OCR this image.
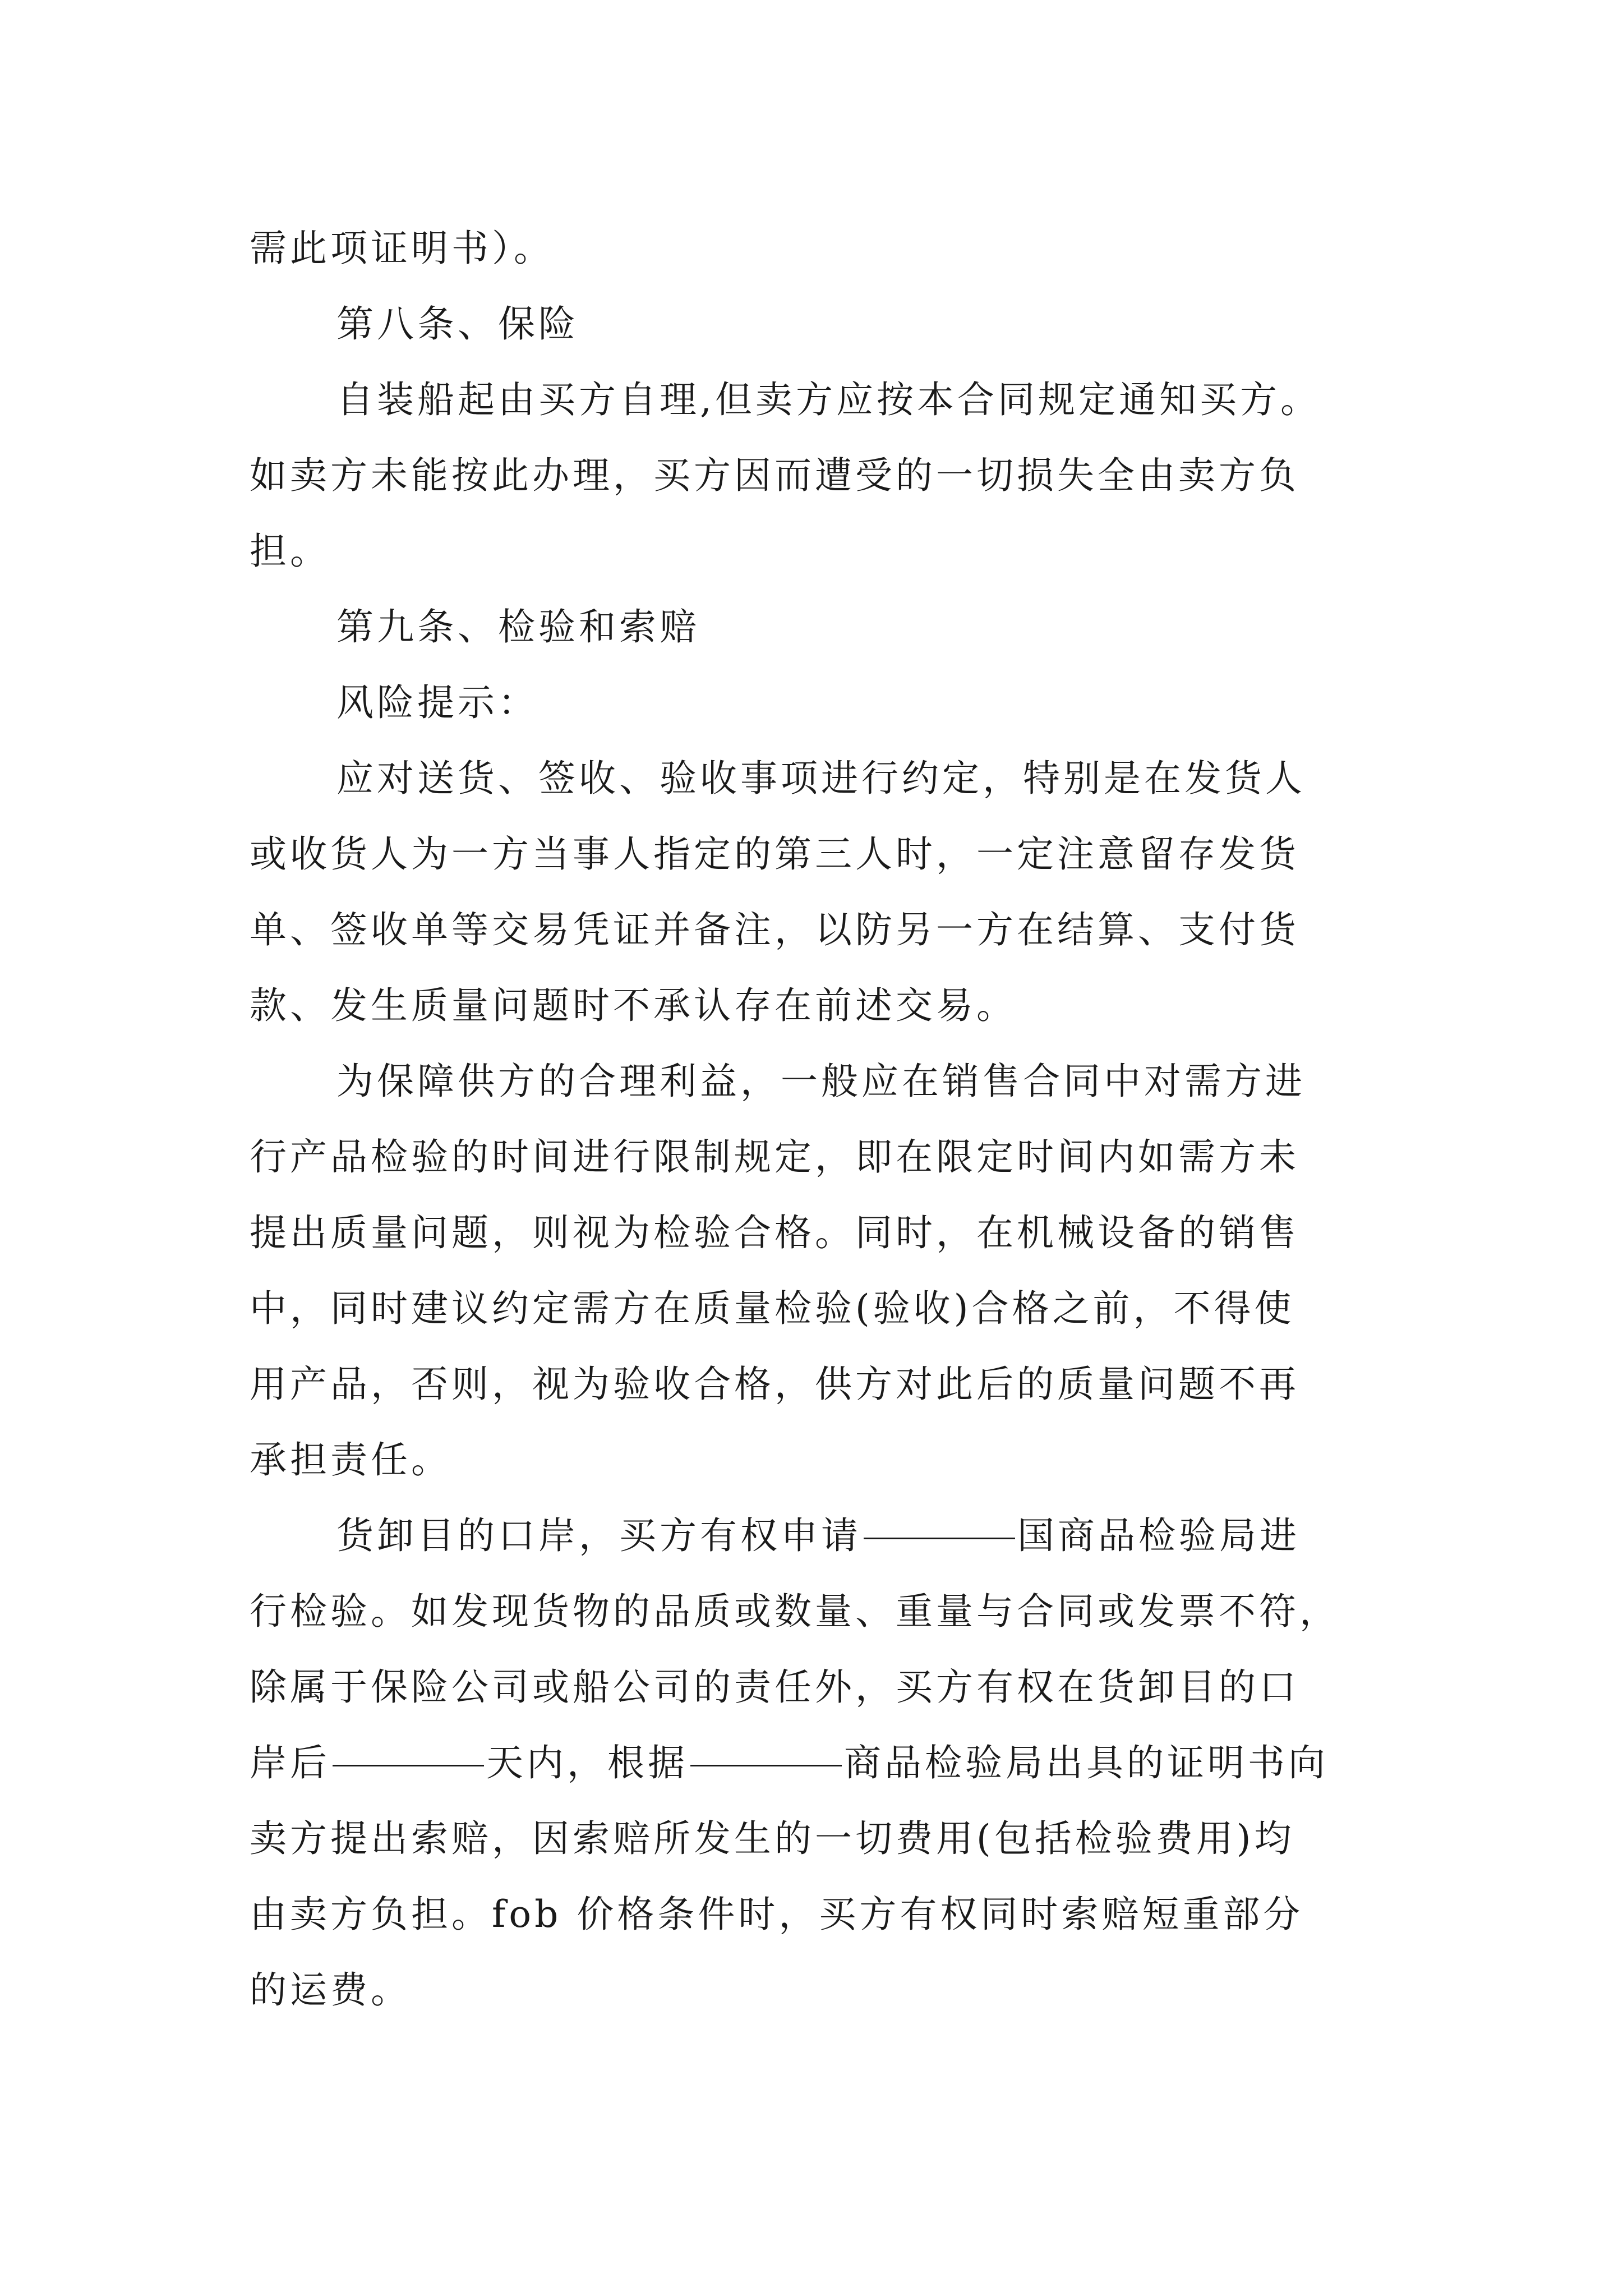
需此项证明书）。
第八条、保险
自装船起由买方自理,但卖方应按本合同规定通知买方。
如卖方未能按此办理，买方因而遭受的一切损失全由卖方负
担。
第九条、检验和索赔
风险提示：
应对送货、签收、验收事项进行约定，特别是在发货人
或收货人为一方当事人指定的第三人时，一定注意留存发货
单、签收单等交易凭证并备注，以防另一方在结算、支付货
款、发生质量问题时不承认存在前述交易。
为保障供方的合理利益，一般应在销售合同中对需方进
行产品检验的时间进行限制规定，即在限定时间内如需方未
提出质量问题，则视为检验合格。同时，在机械设备的销售
中，同时建议约定需方在质量检验(验收)合格之前，不得使
用产品，否则，视为验收合格，供方对此后的质量问题不再
承担责任。
货卸目的口岸，买方有权申请	国商品检验局进
行检验。如发现货物的品质或数量、重量与合同或发票不符，
除属于保险公司或船公司的责任外，买方有权在货卸目的口
岸后	天内，根据	商品检验局出具的证明书向
卖方提出索赔，因索赔所发生的一切费用(包括检验费用)均
由卖方负担。fob 价格条件时，买方有权同时索赔短重部分
的运费。
